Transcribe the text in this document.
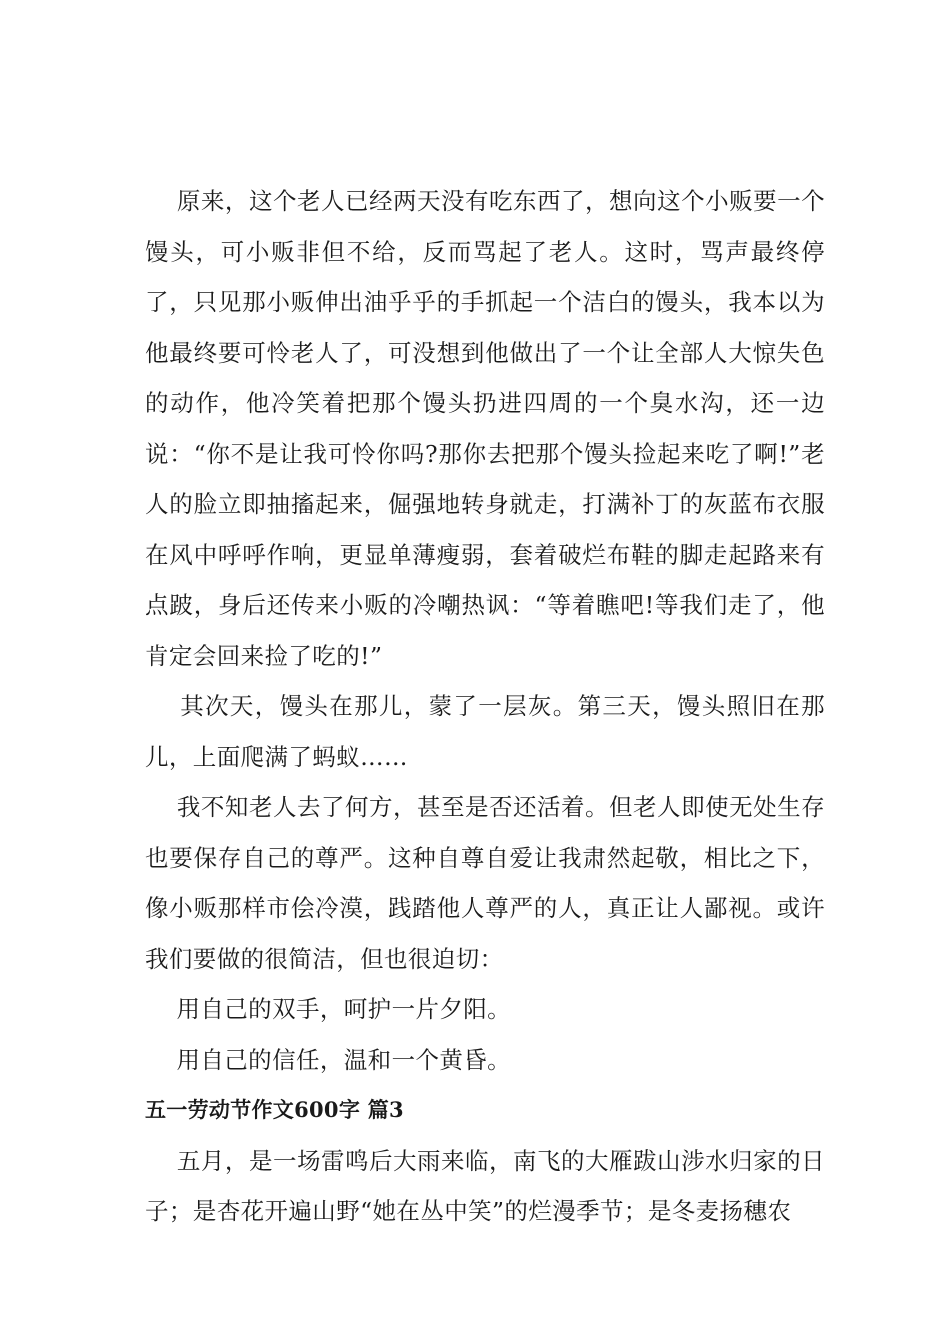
原来，这个老人已经两天没有吃东西了，想向这个小贩要一个馒头，可小贩非但不给，反而骂起了老人。这时，骂声最终停了，只见那小贩伸出油乎乎的手抓起一个洁白的馒头，我本以为他最终要可怜老人了，可没想到他做出了一个让全部人大惊失色的动作，他冷笑着把那个馒头扔进四周的一个臭水沟，还一边说：“你不是让我可怜你吗?那你去把那个馒头捡起来吃了啊!”老人的脸立即抽搐起来，倔强地转身就走，打满补丁的灰蓝布衣服在风中呼呼作响，更显单薄瘦弱，套着破烂布鞋的脚走起路来有点跛，身后还传来小贩的冷嘲热讽：“等着瞧吧!等我们走了，他肯定会回来捡了吃的!”

其次天，馒头在那儿，蒙了一层灰。第三天，馒头照旧在那儿，上面爬满了蚂蚁……

我不知老人去了何方，甚至是否还活着。但老人即使无处生存也要保存自己的尊严。这种自尊自爱让我肃然起敬，相比之下，像小贩那样市侩冷漠，践踏他人尊严的人，真正让人鄙视。或许我们要做的很简洁，但也很迫切：

用自己的双手，呵护一片夕阳。

用自己的信任，温和一个黄昏。

五一劳动节作文600字 篇3

五月，是一场雷鸣后大雨来临，南飞的大雁跋山涉水归家的日子；是杏花开遍山野“她在丛中笑”的烂漫季节；是冬麦扬穗农
